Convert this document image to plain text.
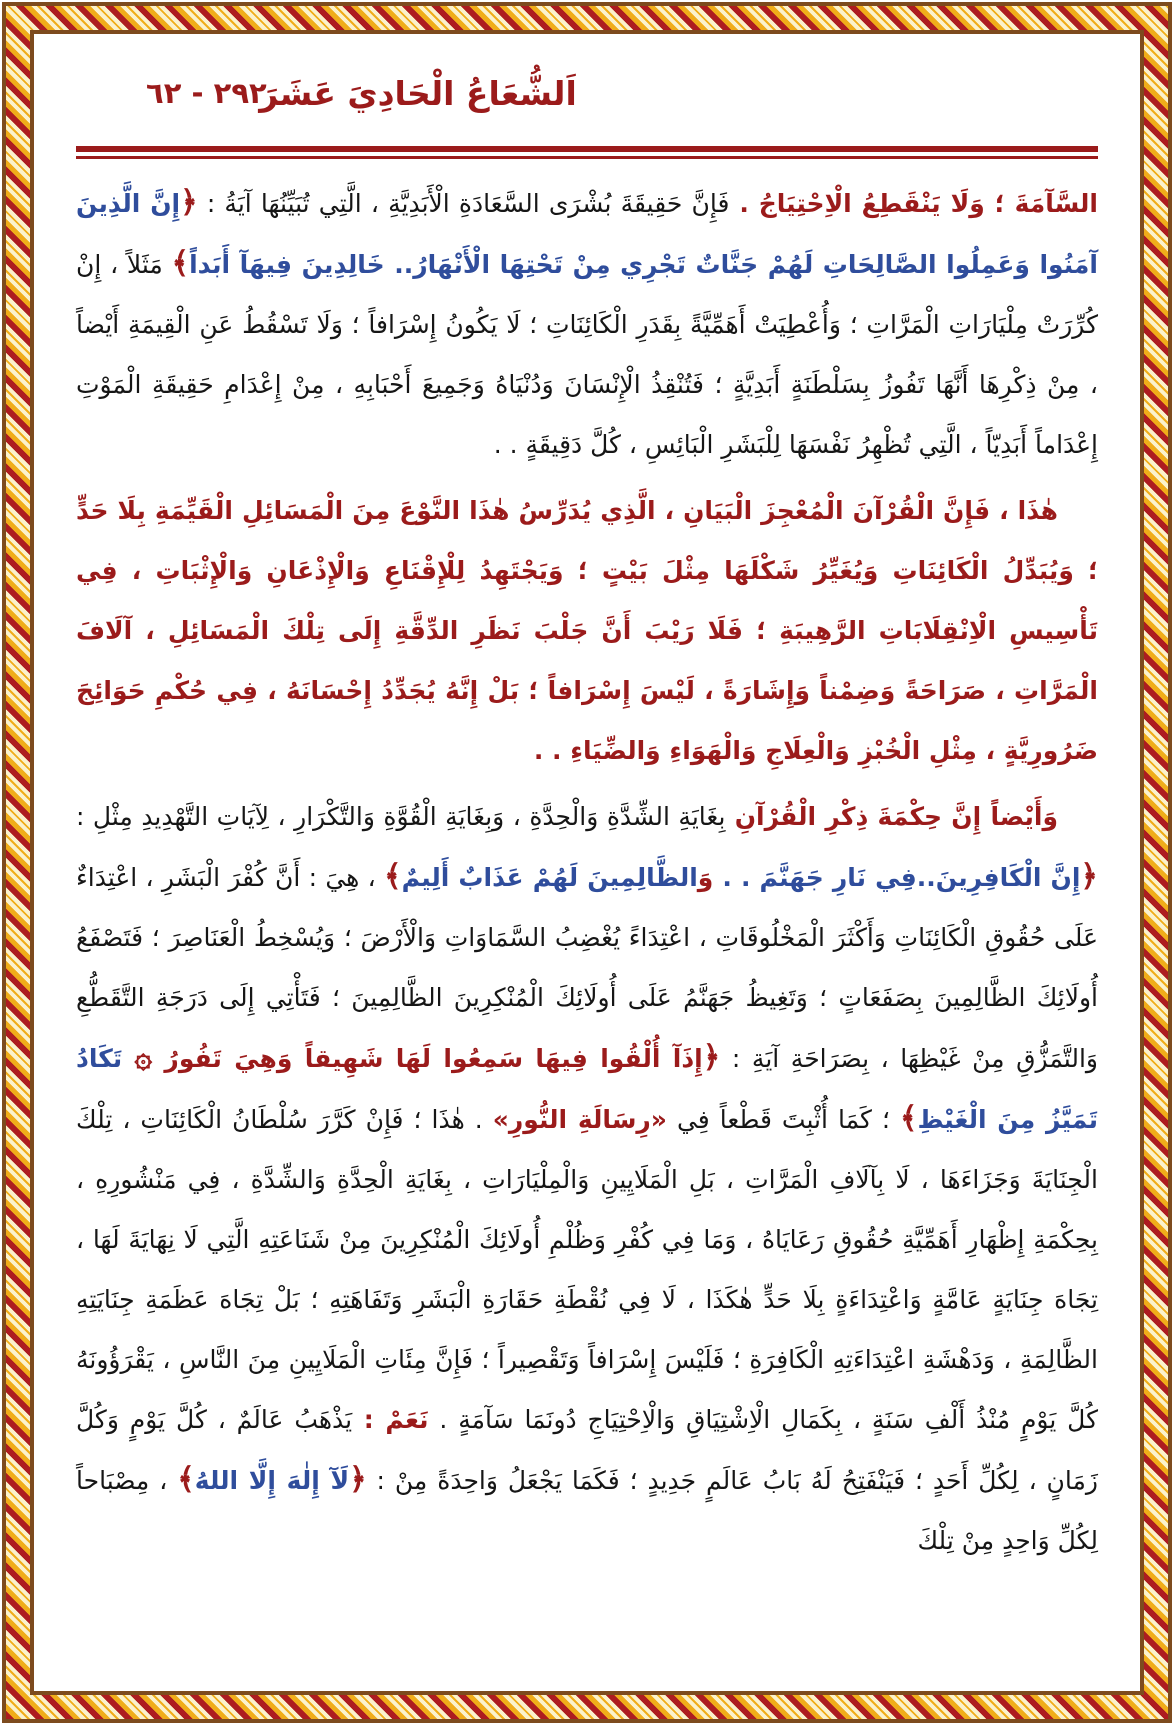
اَلشُّعَاعُ الْحَادِيَ عَشَرَ
٢٩٢ - ٦٢

السَّآمَةَ ؛ وَلَا يَنْقَطِعُ الْاِحْتِيَاجُ . فَإِنَّ حَقِيقَةَ بُشْرَى السَّعَادَةِ الْأَبَدِيَّةِ ، الَّتِي تُبَيِّنُهَا آيَةُ : ﴿إِنَّ الَّذِينَ آمَنُوا وَعَمِلُوا الصَّالِحَاتِ لَهُمْ جَنَّاتٌ تَجْرِي مِنْ تَحْتِهَا الْأَنْهَارُ.. خَالِدِينَ فِيهَآ أَبَداً﴾ مَثَلاً ، إِنْ كُرِّرَتْ مِلْيَارَاتِ الْمَرَّاتِ ؛ وَأُعْطِيَتْ أَهَمِّيَّةً بِقَدَرِ الْكَائِنَاتِ ؛ لَا يَكُونُ إِسْرَافاً ؛ وَلَا تَسْقُطُ عَنِ الْقِيمَةِ أَيْضاً ، مِنْ ذِكْرِهَا أَنَّهَا تَفُوزُ بِسَلْطَنَةٍ أَبَدِيَّةٍ ؛ فَتُنْقِذُ الْإِنْسَانَ وَدُنْيَاهُ وَجَمِيعَ أَحْبَابِهِ ، مِنْ إِعْدَامِ حَقِيقَةِ الْمَوْتِ إِعْدَاماً أَبَدِيّاً ، الَّتِي تُظْهِرُ نَفْسَهَا لِلْبَشَرِ الْبَائِسِ ، كُلَّ دَقِيقَةٍ . .

هٰذَا ، فَإِنَّ الْقُرْآنَ الْمُعْجِزَ الْبَيَانِ ، الَّذِي يُدَرِّسُ هٰذَا النَّوْعَ مِنَ الْمَسَائِلِ الْقَيِّمَةِ بِلَا حَدٍّ ؛ وَيُبَدِّلُ الْكَائِنَاتِ وَيُغَيِّرُ شَكْلَهَا مِثْلَ بَيْتٍ ؛ وَيَجْتَهِدُ لِلْإِقْنَاعِ وَالْإِذْعَانِ وَالْإِثْبَاتِ ، فِي تَأْسِيسِ الْاِنْقِلَابَاتِ الرَّهِيبَةِ ؛ فَلَا رَيْبَ أَنَّ جَلْبَ نَظَرِ الدِّقَّةِ إِلَى تِلْكَ الْمَسَائِلِ ، آلَافَ الْمَرَّاتِ ، صَرَاحَةً وَضِمْناً وَإِشَارَةً ، لَيْسَ إِسْرَافاً ؛ بَلْ إِنَّهُ يُجَدِّدُ إِحْسَانَهُ ، فِي حُكْمِ حَوَائِجَ ضَرُورِيَّةٍ ، مِثْلِ الْخُبْزِ وَالْعِلَاجِ وَالْهَوَاءِ وَالضِّيَاءِ . .

وَأَيْضاً إِنَّ حِكْمَةَ ذِكْرِ الْقُرْآنِ بِغَايَةِ الشِّدَّةِ وَالْحِدَّةِ ، وَبِغَايَةِ الْقُوَّةِ وَالتَّكْرَارِ ، لِآيَاتِ التَّهْدِيدِ مِثْلِ : ﴿إِنَّ الْكَافِرِينَ..فِي نَارِ جَهَنَّمَ . . وَالظَّالِمِينَ لَهُمْ عَذَابٌ أَلِيمٌ﴾ ، هِيَ : أَنَّ كُفْرَ الْبَشَرِ ، اعْتِدَاءٌ عَلَى حُقُوقِ الْكَائِنَاتِ وَأَكْثَرَ الْمَخْلُوقَاتِ ، اعْتِدَاءً يُغْضِبُ السَّمَاوَاتِ وَالْأَرْضَ ؛ وَيُسْخِطُ الْعَنَاصِرَ ؛ فَتَصْفَعُ أُولَائِكَ الظَّالِمِينَ بِصَفَعَاتٍ ؛ وَتَغِيظُ جَهَنَّمُ عَلَى أُولَائِكَ الْمُنْكِرِينَ الظَّالِمِينَ ؛ فَتَأْتِي إِلَى دَرَجَةِ التَّقَطُّعِ وَالتَّمَزُّقِ مِنْ غَيْظِهَا ، بِصَرَاحَةِ آيَةِ : ﴿إِذَآ أُلْقُوا فِيهَا سَمِعُوا لَهَا شَهِيقاً وَهِيَ تَفُورُ ۞ تَكَادُ تَمَيَّزُ مِنَ الْغَيْظِ﴾ ؛ كَمَا أُثْبِتَ قَطْعاً فِي «رِسَالَةِ النُّورِ» . هٰذَا ؛ فَإِنْ كَرَّرَ سُلْطَانُ الْكَائِنَاتِ ، تِلْكَ الْجِنَايَةَ وَجَزَاءَهَا ، لَا بِآلَافِ الْمَرَّاتِ ، بَلِ الْمَلَايِينِ وَالْمِلْيَارَاتِ ، بِغَايَةِ الْحِدَّةِ وَالشِّدَّةِ ، فِي مَنْشُورِهِ ، بِحِكْمَةِ إِظْهَارِ أَهَمِّيَّةِ حُقُوقِ رَعَايَاهُ ، وَمَا فِي كُفْرِ وَظُلْمِ أُولَائِكَ الْمُنْكِرِينَ مِنْ شَنَاعَتِهِ الَّتِي لَا نِهَايَةَ لَهَا ، تِجَاهَ جِنَايَةٍ عَامَّةٍ وَاعْتِدَاءَةٍ بِلَا حَدٍّ هٰكَذَا ، لَا فِي نُقْطَةِ حَقَارَةِ الْبَشَرِ وَتَفَاهَتِهِ ؛ بَلْ تِجَاهَ عَظَمَةِ جِنَايَتِهِ الظَّالِمَةِ ، وَدَهْشَةِ اعْتِدَاءَتِهِ الْكَافِرَةِ ؛ فَلَيْسَ إِسْرَافاً وَتَقْصِيراً ؛ فَإِنَّ مِئَاتِ الْمَلَايِينِ مِنَ النَّاسِ ، يَقْرَؤُونَهُ كُلَّ يَوْمٍ مُنْذُ أَلْفِ سَنَةٍ ، بِكَمَالِ الْاِشْتِيَاقِ وَالْاِحْتِيَاجِ دُونَمَا سَآمَةٍ . نَعَمْ : يَذْهَبُ عَالَمٌ ، كُلَّ يَوْمٍ وَكُلَّ زَمَانٍ ، لِكُلِّ أَحَدٍ ؛ فَيَنْفَتِحُ لَهُ بَابُ عَالَمٍ جَدِيدٍ ؛ فَكَمَا يَجْعَلُ وَاحِدَةً مِنْ : ﴿لَآ إِلٰهَ إِلَّا اللهُ﴾ ، مِصْبَاحاً لِكُلِّ وَاحِدٍ مِنْ تِلْكَ
